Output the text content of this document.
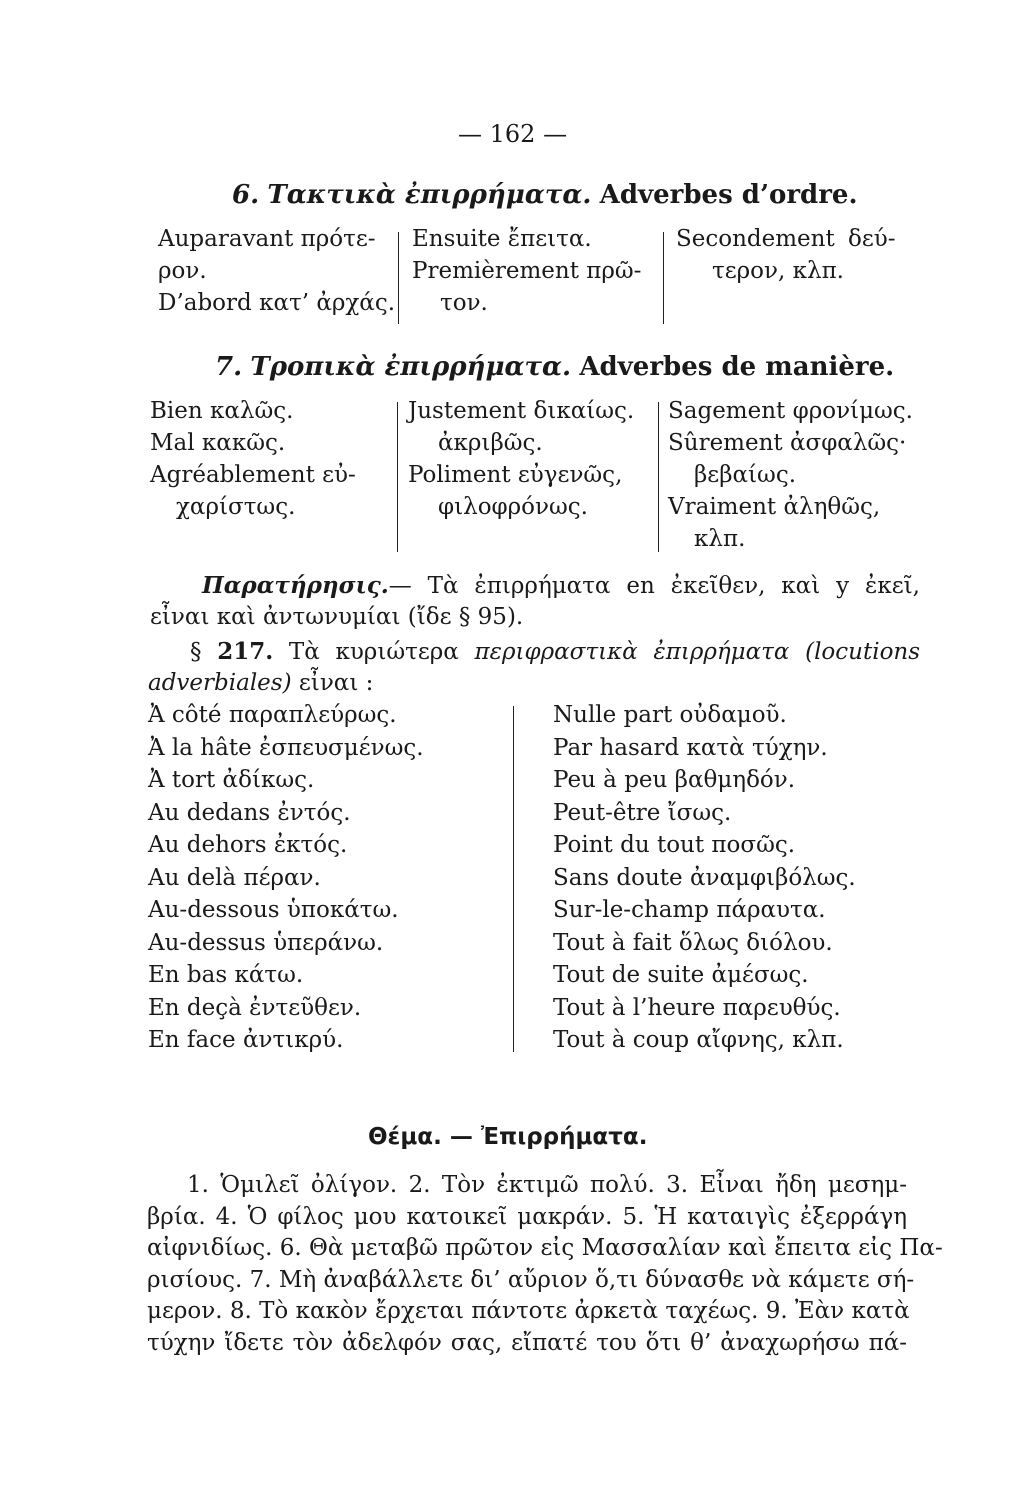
— 162 —
6. Τακτικὰ ἐπιρρήματα. Adverbes d’ordre.
Auparavant πρότε-
ρον.
D’abord κατ’ ἀρχάς.
Ensuite ἔπειτα.
Premièrement πρῶ-
τον.
Secondement δεύ-
τερον, κλπ.
7. Τροπικὰ ἐπιρρήματα. Adverbes de manière.
Bien καλῶς.
Mal κακῶς.
Agréablement εὐ-
χαρίστως.
Justement δικαίως.
ἀκριβῶς.
Poliment εὐγενῶς,
φιλοφρόνως.
Sagement φρονίμως.
Sûrement ἀσφαλῶς·
βεβαίως.
Vraiment ἀληθῶς,
κλπ.
Παρατήρησις.— Τὰ ἐπιρρήματα en ἐκεῖθεν, καὶ y ἐκεῖ,
εἶναι καὶ ἀντωνυμίαι (ἴδε § 95).
§ 217. Τὰ κυριώτερα περιφραστικὰ ἐπιρρήματα (locutions
adverbiales) εἶναι :
Ἀ côté παραπλεύρως.
Ἀ la hâte ἐσπευσμένως.
Ἀ tort ἀδίκως.
Au dedans ἐντός.
Au dehors ἐκτός.
Au delà πέραν.
Au-dessous ὑποκάτω.
Au-dessus ὑπεράνω.
En bas κάτω.
En deçà ἐντεῦθεν.
En face ἀντικρύ.
Nulle part οὐδαμοῦ.
Par hasard κατὰ τύχην.
Peu à peu βαθμηδόν.
Peut-être ἴσως.
Point du tout ποσῶς.
Sans doute ἀναμφιβόλως.
Sur-le-champ πάραυτα.
Tout à fait ὅλως διόλου.
Tout de suite ἀμέσως.
Tout à l’heure παρευθύς.
Tout à coup αἴφνης, κλπ.
Θέμα. — Ἐπιρρήματα.
1. Ὁμιλεῖ ὀλίγον. 2. Τὸν ἐκτιμῶ πολύ. 3. Εἶναι ἤδη μεσημ-
βρία. 4. Ὁ φίλος μου κατοικεῖ μακράν. 5. Ἡ καταιγὶς ἐξερράγη
αἰφνιδίως. 6. Θὰ μεταβῶ πρῶτον εἰς Μασσαλίαν καὶ ἔπειτα εἰς Πα-
ρισίους. 7. Μὴ ἀναβάλλετε δι’ αὔριον ὅ,τι δύνασθε νὰ κάμετε σή-
μερον. 8. Τὸ κακὸν ἔρχεται πάντοτε ἀρκετὰ ταχέως. 9. Ἐὰν κατὰ
τύχην ἴδετε τὸν ἀδελφόν σας, εἴπατέ του ὅτι θ’ ἀναχωρήσω πά-
